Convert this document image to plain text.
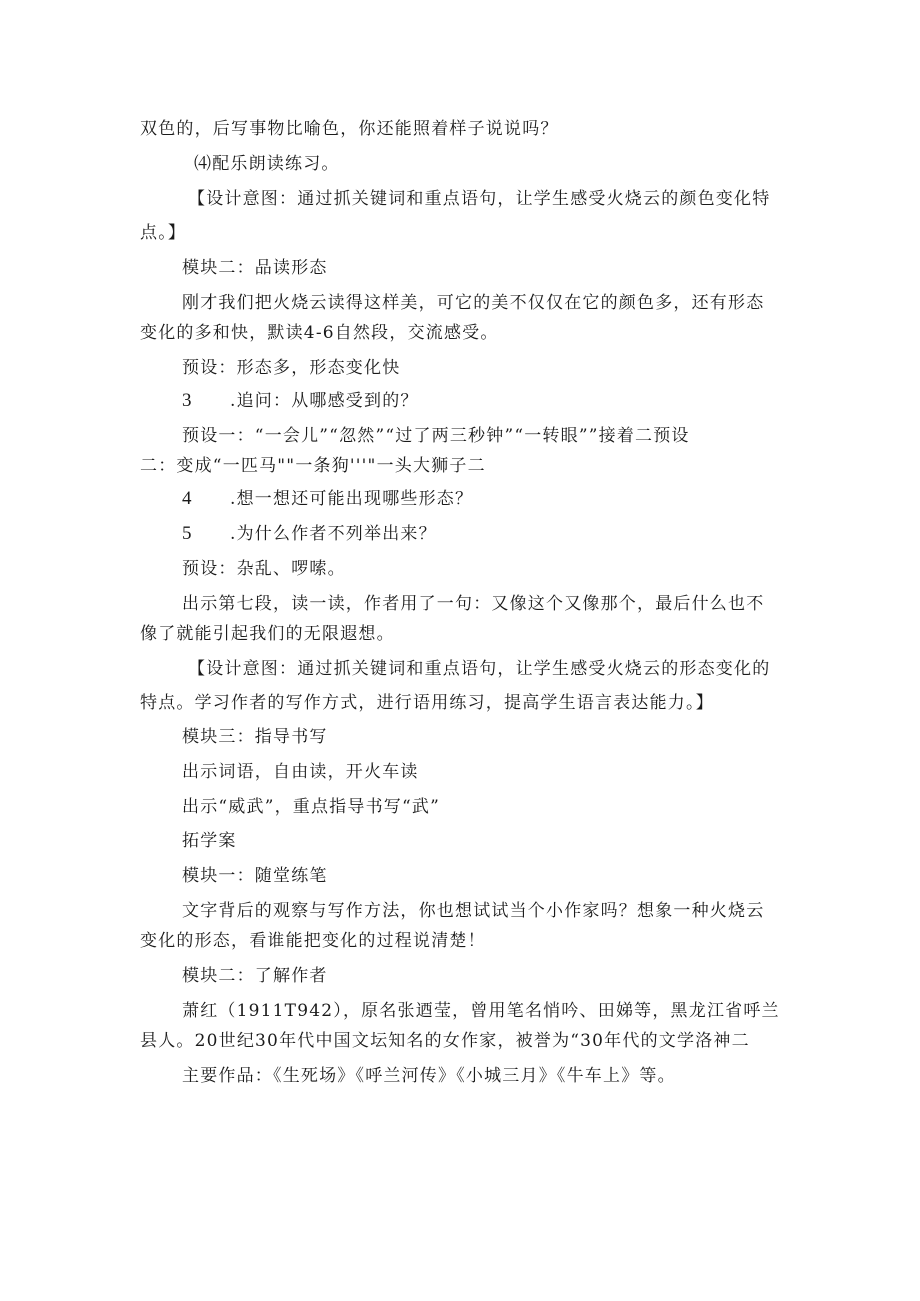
双色的，后写事物比喻色，你还能照着样子说说吗？
⑷配乐朗读练习。
【设计意图：通过抓关键词和重点语句，让学生感受火烧云的颜色变化特
点。】
模块二：品读形态
刚才我们把火烧云读得这样美，可它的美不仅仅在它的颜色多，还有形态
变化的多和快，默读4-6自然段，交流感受。
预设：形态多，形态变化快
3 .追问：从哪感受到的？
预设一：“一会儿”“忽然”“过了两三秒钟”“一转眼””接着二预设
二：变成“一匹马""一条狗'''"一头大狮子二
4 .想一想还可能出现哪些形态？
5 .为什么作者不列举出来？
预设：杂乱、啰嗦。
出示第七段，读一读，作者用了一句：又像这个又像那个，最后什么也不
像了就能引起我们的无限遐想。
【设计意图：通过抓关键词和重点语句，让学生感受火烧云的形态变化的
特点。学习作者的写作方式，进行语用练习，提高学生语言表达能力。】
模块三：指导书写
出示词语，自由读，开火车读
出示“威武”，重点指导书写“武”
拓学案
模块一：随堂练笔
文字背后的观察与写作方法，你也想试试当个小作家吗？想象一种火烧云
变化的形态，看谁能把变化的过程说清楚！
模块二：了解作者
萧红（1911T942），原名张迺莹，曾用笔名悄吟、田娣等，黑龙江省呼兰
县人。20世纪30年代中国文坛知名的女作家，被誉为“30年代的文学洛神二
主要作品：《生死场》《呼兰河传》《小城三月》《牛车上》等。
